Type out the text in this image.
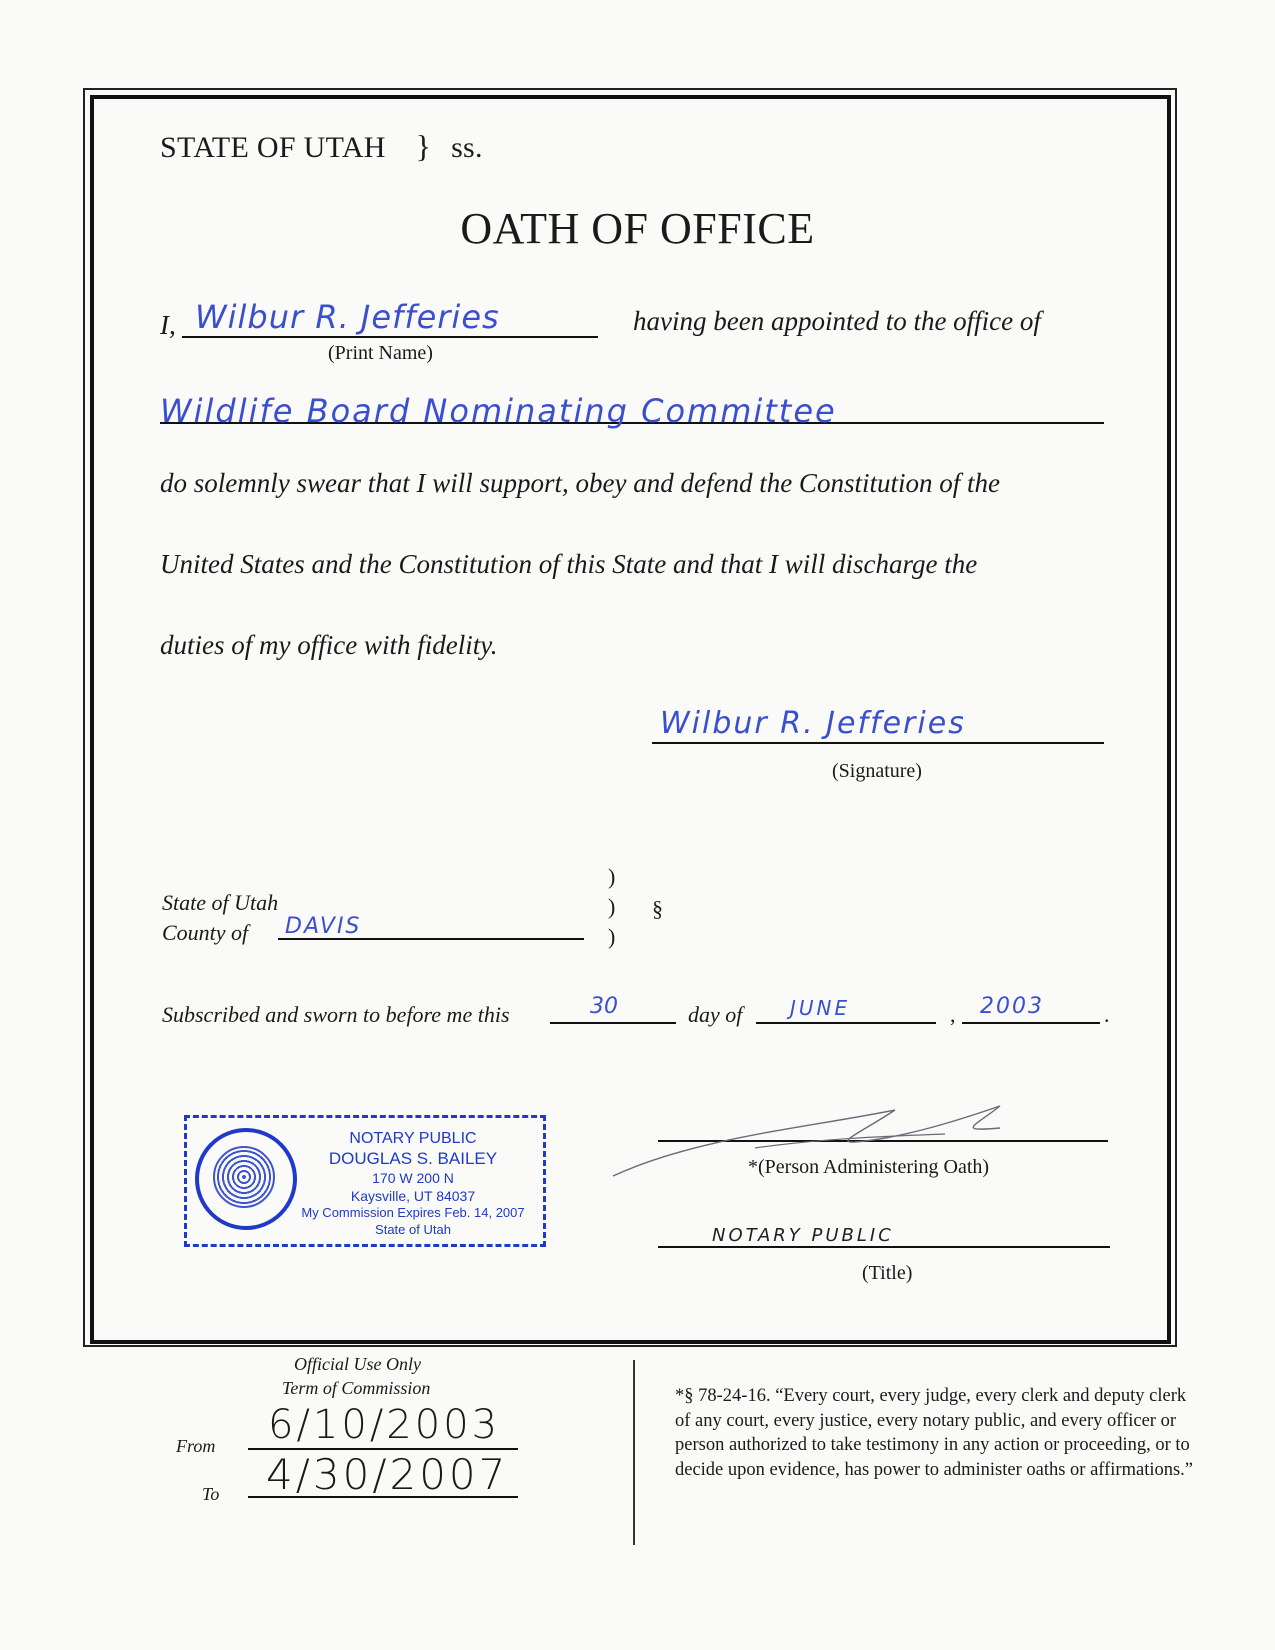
STATE OF UTAH } ss.
OATH OF OFFICE
I, Wilbur R. Jefferies
(Print Name)
having been appointed to the office of
Wildlife Board Nominating Committee
do solemnly swear that I will support, obey and defend the Constitution of the
United States and the Constitution of this State and that I will discharge the
duties of my office with fidelity.
Wilbur R. Jefferies
(Signature)
State of Utah
County of DAVIS
)
)
)
§
Subscribed and sworn to before me this	30	day of JUNE	, 2003	.
NOTARY PUBLIC
DOUGLAS S. BAILEY
170 W 200 N
Kaysville, UT 84037
My Commission Expires Feb. 14, 2007
State of Utah
*(Person Administering Oath)
NOTARY PUBLIC
(Title)
Official Use Only
Term of Commission
From 6/10/2003
To 4/30/2007
*§ 78-24-16. “Every court, every judge, every clerk and deputy clerk of any court, every justice, every notary public, and every officer or person authorized to take testimony in any action or proceeding, or to decide upon evidence, has power to administer oaths or affirmations.”
